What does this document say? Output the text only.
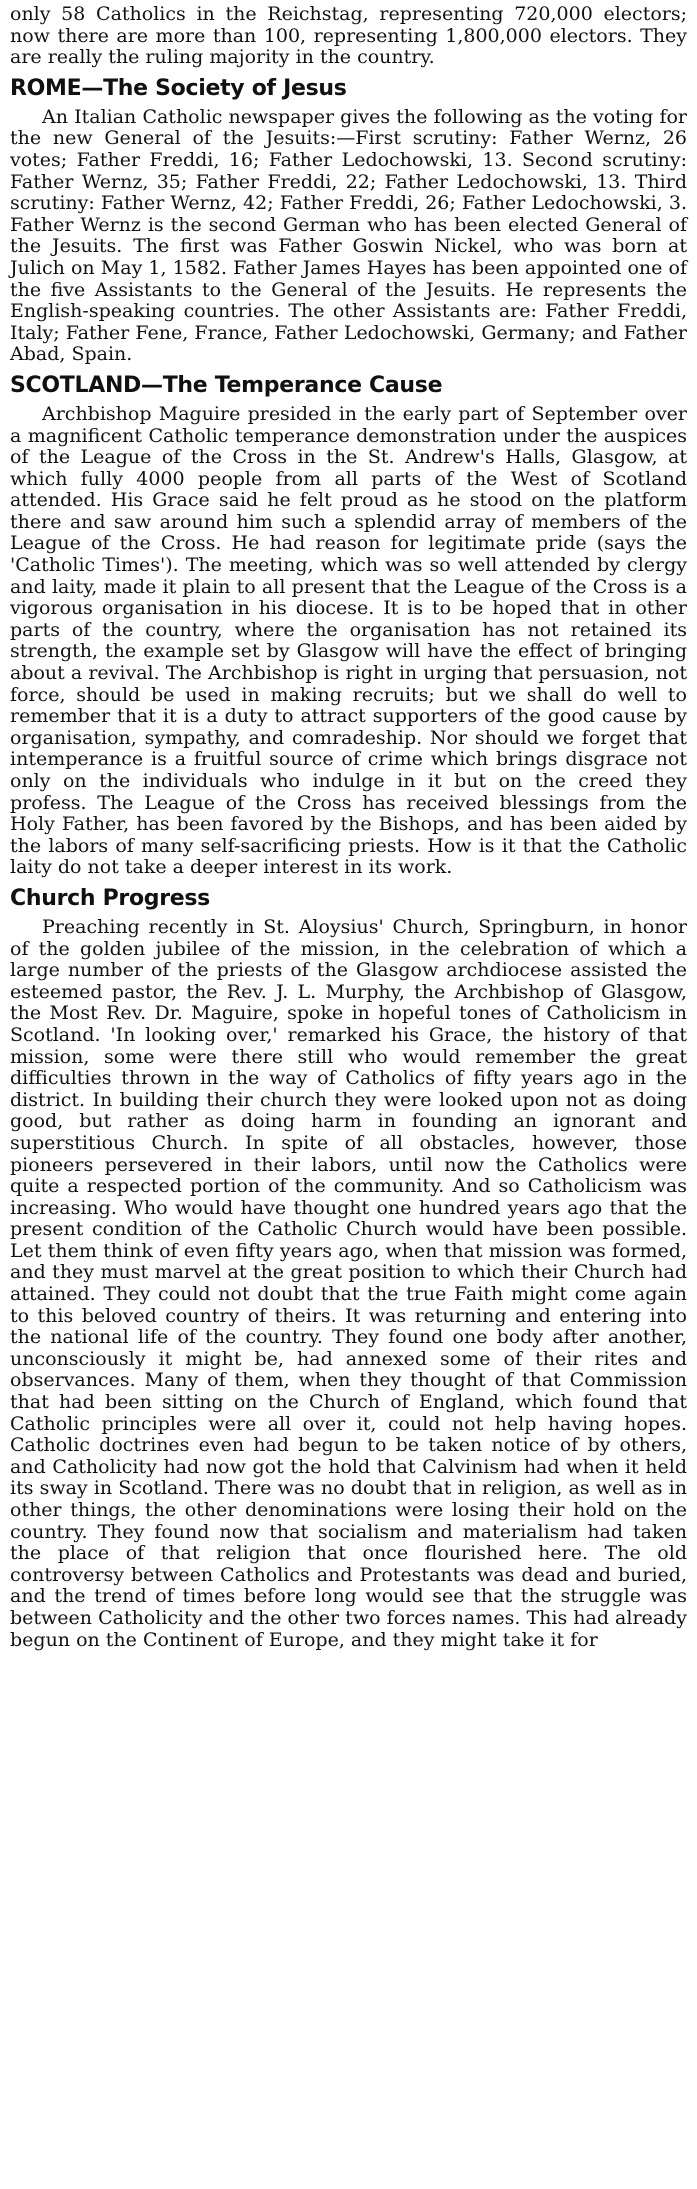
only 58 Catholics in the Reichstag, representing 720,000 electors; now there are more than 100, representing 1,800,000 electors. They are really the ruling majority in the country.

ROME—The Society of Jesus

An Italian Catholic newspaper gives the following as the voting for the new General of the Jesuits:—First scrutiny: Father Wernz, 26 votes; Father Freddi, 16; Father Ledochowski, 13. Second scrutiny: Father Wernz, 35; Father Freddi, 22; Father Ledochowski, 13. Third scrutiny: Father Wernz, 42; Father Freddi, 26; Father Ledochowski, 3. Father Wernz is the second German who has been elected General of the Jesuits. The first was Father Goswin Nickel, who was born at Julich on May 1, 1582. Father James Hayes has been appointed one of the five Assistants to the General of the Jesuits. He represents the English-speaking countries. The other Assistants are: Father Freddi, Italy; Father Fene, France, Father Ledochowski, Germany; and Father Abad, Spain.

SCOTLAND—The Temperance Cause

Archbishop Maguire presided in the early part of September over a magnificent Catholic temperance demonstration under the auspices of the League of the Cross in the St. Andrew's Halls, Glasgow, at which fully 4000 people from all parts of the West of Scotland attended. His Grace said he felt proud as he stood on the platform there and saw around him such a splendid array of members of the League of the Cross. He had reason for legitimate pride (says the 'Catholic Times'). The meeting, which was so well attended by clergy and laity, made it plain to all present that the League of the Cross is a vigorous organisation in his diocese. It is to be hoped that in other parts of the country, where the organisation has not retained its strength, the example set by Glasgow will have the effect of bringing about a revival. The Archbishop is right in urging that persuasion, not force, should be used in making recruits; but we shall do well to remember that it is a duty to attract supporters of the good cause by organisation, sympathy, and comradeship. Nor should we forget that intemperance is a fruitful source of crime which brings disgrace not only on the individuals who indulge in it but on the creed they profess. The League of the Cross has received blessings from the Holy Father, has been favored by the Bishops, and has been aided by the labors of many self-sacrificing priests. How is it that the Catholic laity do not take a deeper interest in its work.

Church Progress

Preaching recently in St. Aloysius' Church, Springburn, in honor of the golden jubilee of the mission, in the celebration of which a large number of the priests of the Glasgow archdiocese assisted the esteemed pastor, the Rev. J. L. Murphy, the Archbishop of Glasgow, the Most Rev. Dr. Maguire, spoke in hopeful tones of Catholicism in Scotland. 'In looking over,' remarked his Grace, the history of that mission, some were there still who would remember the great difficulties thrown in the way of Catholics of fifty years ago in the district. In building their church they were looked upon not as doing good, but rather as doing harm in founding an ignorant and superstitious Church. In spite of all obstacles, however, those pioneers persevered in their labors, until now the Catholics were quite a respected portion of the community. And so Catholicism was increasing. Who would have thought one hundred years ago that the present condition of the Catholic Church would have been possible. Let them think of even fifty years ago, when that mission was formed, and they must marvel at the great position to which their Church had attained. They could not doubt that the true Faith might come again to this beloved country of theirs. It was returning and entering into the national life of the country. They found one body after another, unconsciously it might be, had annexed some of their rites and observances. Many of them, when they thought of that Commission that had been sitting on the Church of England, which found that Catholic principles were all over it, could not help having hopes. Catholic doctrines even had begun to be taken notice of by others, and Catholicity had now got the hold that Calvinism had when it held its sway in Scotland. There was no doubt that in religion, as well as in other things, the other denominations were losing their hold on the country. They found now that socialism and materialism had taken the place of that religion that once flourished here. The old controversy between Catholics and Protestants was dead and buried, and the trend of times before long would see that the struggle was between Catholicity and the other two forces names. This had already begun on the Continent of Europe, and they might take it for
